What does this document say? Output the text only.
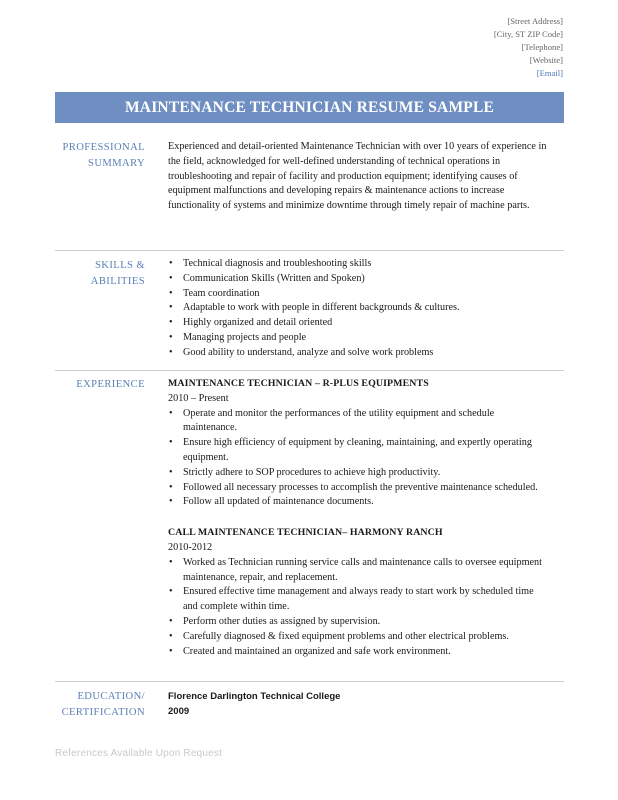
[Street Address]
[City, ST ZIP Code]
[Telephone]
[Website]
[Email]
MAINTENANCE TECHNICIAN RESUME SAMPLE
PROFESSIONAL
SUMMARY

Experienced and detail-oriented Maintenance Technician with over 10 years of experience in the field, acknowledged for well-defined understanding of technical operations in troubleshooting and repair of facility and production equipment; identifying causes of equipment malfunctions and developing repairs & maintenance actions to increase functionality of systems and minimize downtime through timely repair of machine parts.

SKILLS &
ABILITIES
• Technical diagnosis and troubleshooting skills
• Communication Skills (Written and Spoken)
• Team coordination
• Adaptable to work with people in different backgrounds & cultures.
• Highly organized and detail oriented
• Managing projects and people
• Good ability to understand, analyze and solve work problems
EXPERIENCE MAINTENANCE TECHNICIAN – R-PLUS EQUIPMENTS
2010 – Present
• Operate and monitor the performances of the utility equipment and schedule maintenance.
• Ensure high efficiency of equipment by cleaning, maintaining, and expertly operating equipment.
• Strictly adhere to SOP procedures to achieve high productivity.
• Followed all necessary processes to accomplish the preventive maintenance scheduled.
• Follow all updated of maintenance documents.
CALL MAINTENANCE TECHNICIAN– HARMONY RANCH
2010-2012
• Worked as Technician running service calls and maintenance calls to oversee equipment maintenance, repair, and replacement.
• Ensured effective time management and always ready to start work by scheduled time and complete within time.
• Perform other duties as assigned by supervision.
• Carefully diagnosed & fixed equipment problems and other electrical problems.
• Created and maintained an organized and safe work environment.
EDUCATION/
CERTIFICATION
Florence Darlington Technical College
2009
References Available Upon Request
